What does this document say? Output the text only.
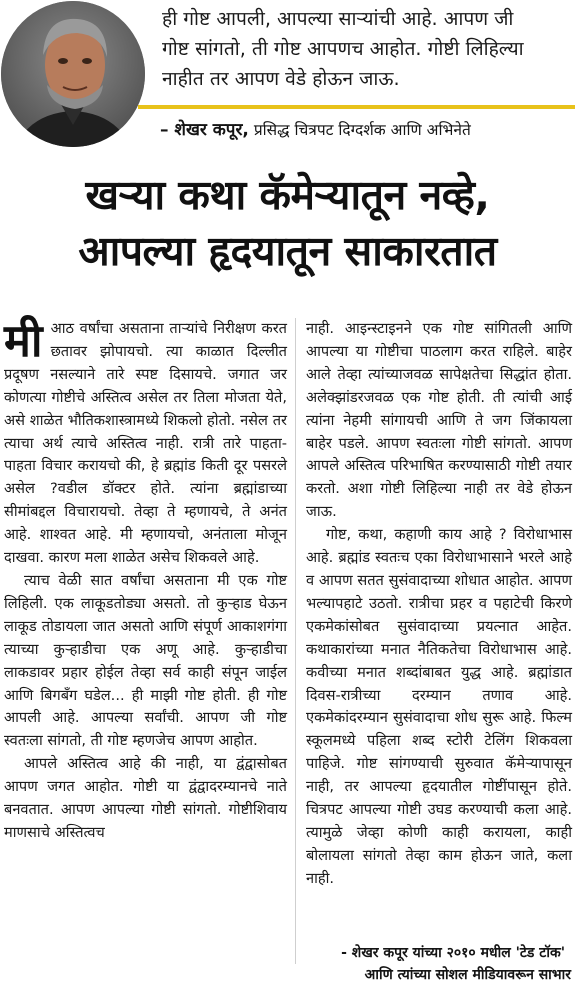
ही गोष्ट आपली, आपल्या साऱ्यांची आहे. आपण जी

गोष्ट सांगतो, ती गोष्ट आपणच आहोत. गोष्टी लिहिल्या

नाहीत तर आपण वेडे होऊन जाऊ.

– शेखर कपूर, प्रसिद्ध चित्रपट दिग्दर्शक आणि अभिनेते
खऱ्या कथा कॅमेऱ्यातून नव्हे,
आपल्या हृदयातून साकारतात

मीआठ वर्षांचा असताना ताऱ्यांचे निरीक्षण करत छतावर झोपायचो. त्या काळात दिल्लीत प्रदूषण नसल्याने तारे स्पष्ट दिसायचे. जगात जर कोणत्या गोष्टीचे अस्तित्व असेल तर तिला मोजता येते, असे शाळेत भौतिकशास्त्रामध्ये शिकलो होतो. नसेल तर त्याचा अर्थ त्याचे अस्तित्व नाही. रात्री तारे पाहता-पाहता विचार करायचो की, हे ब्रह्मांड किती दूर पसरले असेल ?वडील डॉक्टर होते. त्यांना ब्रह्मांडाच्या सीमांबद्दल विचारायचो. तेव्हा ते म्हणायचे, ते अनंत आहे. शाश्वत आहे. मी म्हणायचो, अनंताला मोजून दाखवा. कारण मला शाळेत असेच शिकवले आहे.

त्याच वेळी सात वर्षांचा असताना मी एक गोष्ट लिहिली. एक लाकूडतोड्या असतो. तो कुऱ्हाड घेऊन लाकूड तोडायला जात असतो आणि संपूर्ण आकाशगंगा त्याच्या कुऱ्हाडीचा एक अणू आहे. कुऱ्हाडीचा लाकडावर प्रहार होईल तेव्हा सर्व काही संपून जाईल आणि बिगबँग घडेल... ही माझी गोष्ट होती. ही गोष्ट आपली आहे. आपल्या सर्वांची. आपण जी गोष्ट स्वतःला सांगतो, ती गोष्ट म्हणजेच आपण आहोत.

आपले अस्तित्व आहे की नाही, या द्वंद्वासोबत आपण जगत आहोत. गोष्टी या द्वंद्वादरम्यानचे नाते बनवतात. आपण आपल्या गोष्टी सांगतो. गोष्टीशिवाय माणसाचे अस्तित्वच

नाही. आइन्स्टाइनने एक गोष्ट सांगितली आणि आपल्या या गोष्टीचा पाठलाग करत राहिले. बाहेर आले तेव्हा त्यांच्याजवळ सापेक्षतेचा सिद्धांत होता. अलेक्झांडरजवळ एक गोष्ट होती. ती त्यांची आई त्यांना नेहमी सांगायची आणि ते जग जिंकायला बाहेर पडले. आपण स्वतःला गोष्टी सांगतो. आपण आपले अस्तित्व परिभाषित करण्यासाठी गोष्टी तयार करतो. अशा गोष्टी लिहिल्या नाही तर वेडे होऊन जाऊ.

गोष्ट, कथा, कहाणी काय आहे ? विरोधाभास आहे. ब्रह्मांड स्वतःच एका विरोधाभासाने भरले आहे व आपण सतत सुसंवादाच्या शोधात आहोत. आपण भल्यापहाटे उठतो. रात्रीचा प्रहर व पहाटेची किरणे एकमेकांसोबत सुसंवादाच्या प्रयत्नात आहेत. कथाकारांच्या मनात नैतिकतेचा विरोधाभास आहे. कवीच्या मनात शब्दांबाबत युद्ध आहे. ब्रह्मांडात दिवस-रात्रीच्या दरम्यान तणाव आहे. एकमेकांदरम्यान सुसंवादाचा शोध सुरू आहे. फिल्म स्कूलमध्ये पहिला शब्द स्टोरी टेलिंग शिकवला पाहिजे. गोष्ट सांगण्याची सुरुवात कॅमेऱ्यापासून नाही, तर आपल्या हृदयातील गोष्टींपासून होते. चित्रपट आपल्या गोष्टी उघड करण्याची कला आहे. त्यामुळे जेव्हा कोणी काही करायला, काही बोलायला सांगतो तेव्हा काम होऊन जाते, कला नाही.

- शेखर कपूर यांच्या २०१० मधील 'टेड टॉक'
आणि त्यांच्या सोशल मीडियावरून साभार
